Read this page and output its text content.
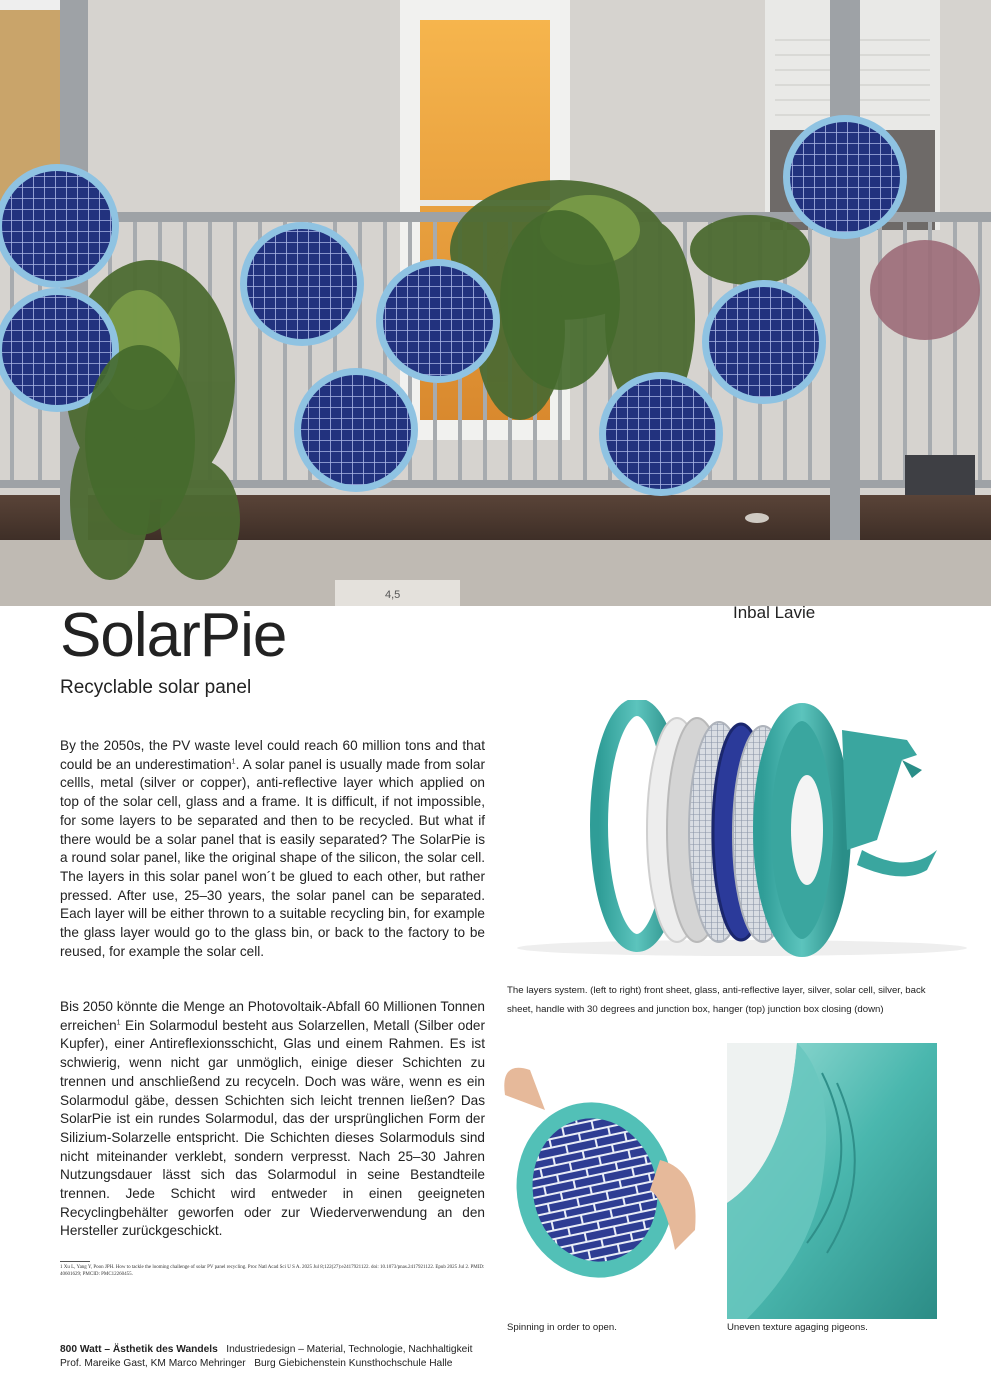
4,5
SolarPie	Inbal Lavie

Recyclable solar panel

By the 2050s, the PV waste level could reach 60 million tons and that could be an underestimation$^1$. A solar panel is usually made from solar cellls, metal (silver or copper), anti-reflective layer which applied on top of the solar cell, glass and a frame. It is difficult, if not impossible, for some layers to be separated and then to be recycled. But what if there would be a solar panel that is easily separated? The SolarPie is a round solar panel, like the original shape of the silicon, the solar cell. The layers in this solar panel won´t be glued to each other, but rather pressed. After use, 25–30 years, the solar panel can be separated. Each layer will be either thrown to a suitable recycling bin, for example the glass layer would go to the glass bin, or back to the factory to be reused, for example the solar cell.

Bis 2050 könnte die Menge an Photovoltaik-Abfall 60 Millionen Tonnen erreichen$^1$ Ein Solarmodul besteht aus Solarzellen, Metall (Silber oder Kupfer), einer Antireflexionsschicht, Glas und einem Rahmen. Es ist schwierig, wenn nicht gar unmöglich, einige dieser Schichten zu trennen und anschließend zu recyceln. Doch was wäre, wenn es ein Solarmodul gäbe, dessen Schichten sich leicht trennen ließen? Das SolarPie ist ein rundes Solarmodul, das der ursprünglichen Form der Silizium-Solarzelle entspricht. Die Schichten dieses Solarmoduls sind nicht miteinander verklebt, sondern verpresst. Nach 25–30 Jahren Nutzungsdauer lässt sich das Solarmodul in seine Bestandteile trennen. Jede Schicht wird entweder in einen geeigneten Recyclingbehälter geworfen oder zur Wiederverwendung an den Hersteller zurückgeschickt.

1 Xu L, Yang Y, Poon JPH. How to tackle the looming challenge of solar PV panel recycling. Proc Natl Acad Sci U S A. 2025 Jul 8;122(27):e2417921122. doi: 10.1073/pnas.2417921122. Epub 2025 Jul 2. PMID: 40601629; PMCID: PMC12260455.

The layers system. (left to right) front sheet, glass, anti-reflective layer, silver, solar cell, silver, back sheet, handle with 30 degrees and junction box, hanger (top) junction box closing (down)

Spinning in order to open.	Uneven texture agaging pigeons.

800 Watt – Ästhetik des Wandels Industriedesign – Material, Technologie, Nachhaltigkeit

Prof. Mareike Gast, KM Marco Mehringer Burg Giebichenstein Kunsthochschule Halle
